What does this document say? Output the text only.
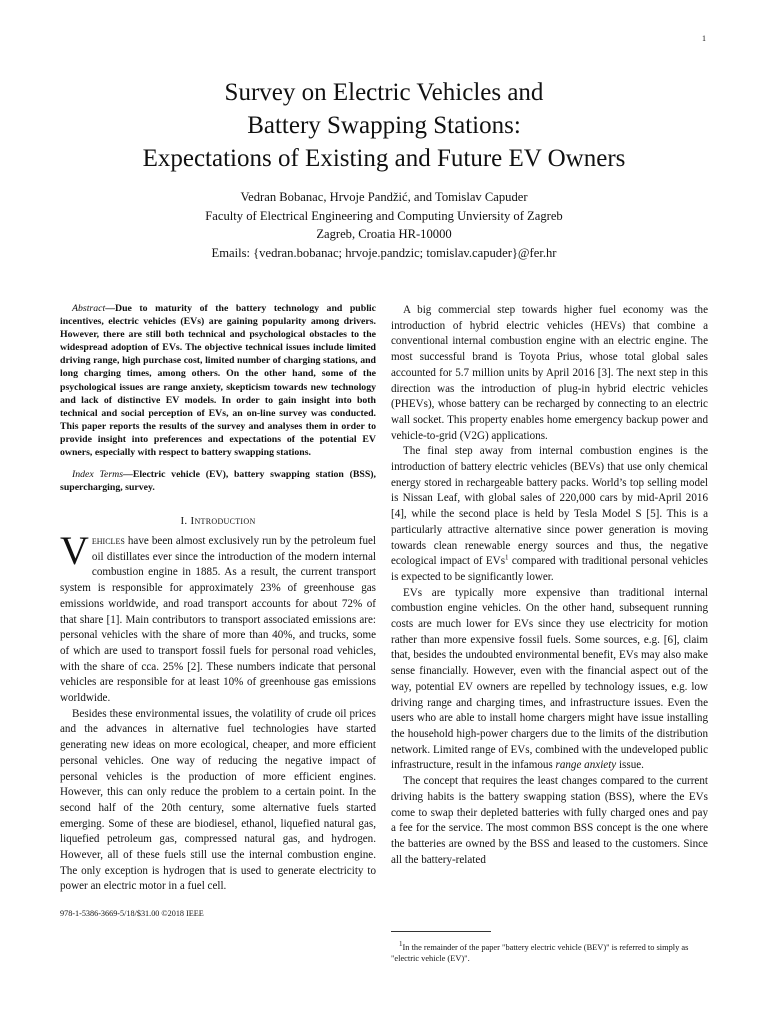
1
Survey on Electric Vehicles and
Battery Swapping Stations:
Expectations of Existing and Future EV Owners
Vedran Bobanac, Hrvoje Pandžić, and Tomislav Capuder
Faculty of Electrical Engineering and Computing Unviersity of Zagreb
Zagreb, Croatia HR-10000
Emails: {vedran.bobanac; hrvoje.pandzic; tomislav.capuder}@fer.hr

Abstract—Due to maturity of the battery technology and public incentives, electric vehicles (EVs) are gaining popularity among drivers. However, there are still both technical and psychological obstacles to the widespread adoption of EVs. The objective technical issues include limited driving range, high purchase cost, limited number of charging stations, and long charging times, among others. On the other hand, some of the psychological issues are range anxiety, skepticism towards new technology and lack of distinctive EV models. In order to gain insight into both technical and social perception of EVs, an on-line survey was conducted. This paper reports the results of the survey and analyses them in order to provide insight into preferences and expectations of the potential EV owners, especially with respect to battery swapping stations.

Index Terms—Electric vehicle (EV), battery swapping station (BSS), supercharging, survey.

I. Introduction

Vehicles have been almost exclusively run by the petroleum fuel oil distillates ever since the introduction of the modern internal combustion engine in 1885. As a result, the current transport system is responsible for approximately 23% of greenhouse gas emissions worldwide, and road transport accounts for about 72% of that share [1]. Main contributors to transport associated emissions are: personal vehicles with the share of more than 40%, and trucks, some of which are used to transport fossil fuels for personal road vehicles, with the share of cca. 25% [2]. These numbers indicate that personal vehicles are responsible for at least 10% of greenhouse gas emissions worldwide.

Besides these environmental issues, the volatility of crude oil prices and the advances in alternative fuel technologies have started generating new ideas on more ecological, cheaper, and more efficient personal vehicles. One way of reducing the negative impact of personal vehicles is the production of more efficient engines. However, this can only reduce the problem to a certain point. In the second half of the 20th century, some alternative fuels started emerging. Some of these are biodiesel, ethanol, liquefied natural gas, liquefied petroleum gas, compressed natural gas, and hydrogen. However, all of these fuels still use the internal combustion engine. The only exception is hydrogen that is used to generate electricity to power an electric motor in a fuel cell.

A big commercial step towards higher fuel economy was the introduction of hybrid electric vehicles (HEVs) that combine a conventional internal combustion engine with an electric engine. The most successful brand is Toyota Prius, whose total global sales accounted for 5.7 million units by April 2016 [3]. The next step in this direction was the introduction of plug-in hybrid electric vehicles (PHEVs), whose battery can be recharged by connecting to an electric wall socket. This property enables home emergency backup power and vehicle-to-grid (V2G) applications.

The final step away from internal combustion engines is the introduction of battery electric vehicles (BEVs) that use only chemical energy stored in rechargeable battery packs. World’s top selling model is Nissan Leaf, with global sales of 220,000 cars by mid-April 2016 [4], while the second place is held by Tesla Model S [5]. This is a particularly attractive alternative since power generation is moving towards clean renewable energy sources and thus, the negative ecological impact of EVs$^1$ compared with traditional personal vehicles is expected to be significantly lower.

EVs are typically more expensive than traditional internal combustion engine vehicles. On the other hand, subsequent running costs are much lower for EVs since they use electricity for motion rather than more expensive fossil fuels. Some sources, e.g. [6], claim that, besides the undoubted environmental benefit, EVs may also make sense financially. However, even with the financial aspect out of the way, potential EV owners are repelled by technology issues, e.g. low driving range and charging times, and infrastructure issues. Even the users who are able to install home chargers might have issue installing the household high-power chargers due to the limits of the distribution network. Limited range of EVs, combined with the undeveloped public infrastructure, result in the infamous range anxiety issue.

The concept that requires the least changes compared to the current driving habits is the battery swapping station (BSS), where the EVs come to swap their depleted batteries with fully charged ones and pay a fee for the service. The most common BSS concept is the one where the batteries are owned by the BSS and leased to the customers. Since all the battery-related

978-1-5386-3669-5/18/$31.00 ©2018 IEEE
$^1$In the remainder of the paper "battery electric vehicle (BEV)" is referred to simply as "electric vehicle (EV)".
